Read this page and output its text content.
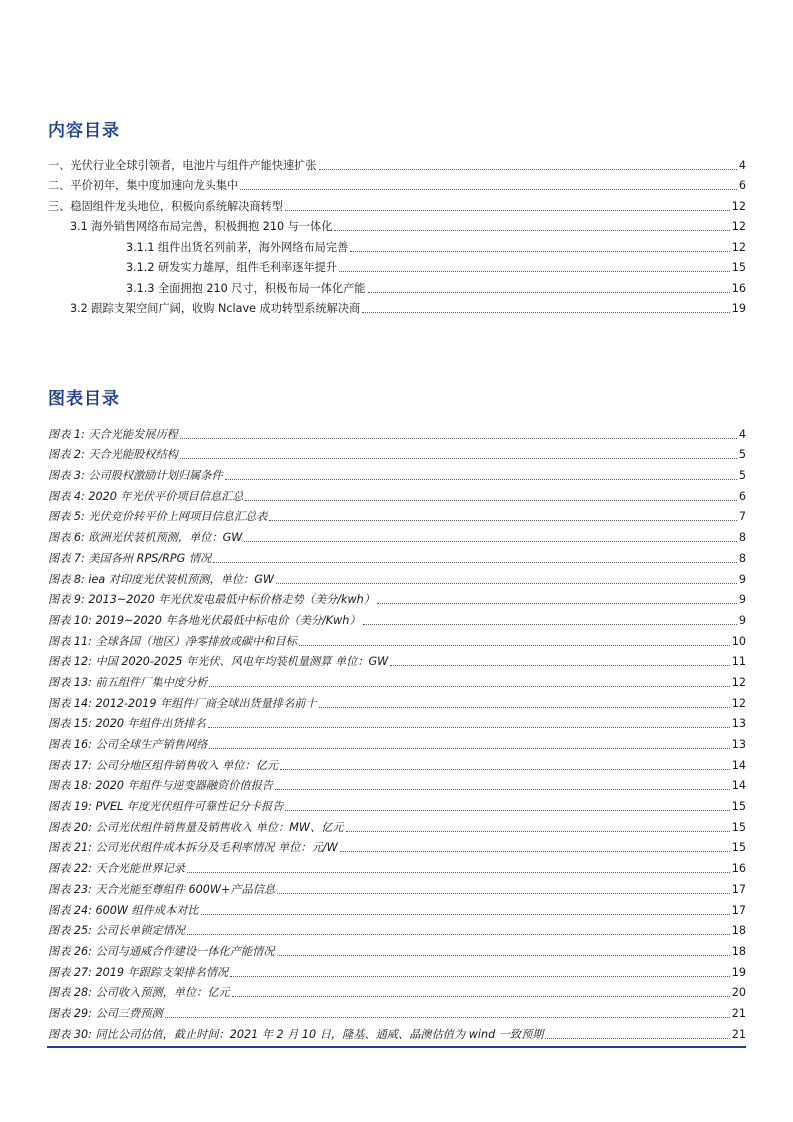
内容目录
一、光伏行业全球引领者，电池片与组件产能快速扩张	4
二、平价初年，集中度加速向龙头集中	6
三、稳固组件龙头地位，积极向系统解决商转型	12
3.1 海外销售网络布局完善，积极拥抱 210 与一体化	12
3.1.1 组件出货名列前茅，海外网络布局完善	12
3.1.2 研发实力雄厚，组件毛利率逐年提升	15
3.1.3 全面拥抱 210 尺寸，积极布局一体化产能	16
3.2 跟踪支架空间广阔，收购 Nclave 成功转型系统解决商	19
图表目录
图表 1: 天合光能发展历程	4
图表 2: 天合光能股权结构	5
图表 3: 公司股权激励计划归属条件	5
图表 4: 2020 年光伏平价项目信息汇总	6
图表 5: 光伏竞价转平价上网项目信息汇总表	7
图表 6: 欧洲光伏装机预测，单位：GW	8
图表 7: 美国各州 RPS/RPG 情况	8
图表 8: iea 对印度光伏装机预测，单位：GW	9
图表 9: 2013~2020 年光伏发电最低中标价格走势（美分/kwh）	9
图表 10: 2019~2020 年各地光伏最低中标电价（美分/Kwh）	9
图表 11: 全球各国（地区）净零排放或碳中和目标	10
图表 12: 中国 2020-2025 年光伏、风电年均装机量测算 单位：GW	11
图表 13: 前五组件厂集中度分析	12
图表 14: 2012-2019 年组件厂商全球出货量排名前十	12
图表 15: 2020 年组件出货排名	13
图表 16: 公司全球生产销售网络	13
图表 17: 公司分地区组件销售收入 单位：亿元	14
图表 18: 2020 年组件与逆变器融资价值报告	14
图表 19: PVEL 年度光伏组件可靠性记分卡报告	15
图表 20: 公司光伏组件销售量及销售收入 单位：MW、亿元	15
图表 21: 公司光伏组件成本拆分及毛利率情况 单位：元/W	15
图表 22: 天合光能世界记录	16
图表 23: 天合光能至尊组件 600W+产品信息	17
图表 24: 600W 组件成本对比	17
图表 25: 公司长单锁定情况	18
图表 26: 公司与通威合作建设一体化产能情况	18
图表 27: 2019 年跟踪支架排名情况	19
图表 28: 公司收入预测，单位：亿元	20
图表 29: 公司三费预测	21
图表 30: 同比公司估值，截止时间：2021 年 2 月 10 日，隆基、通威、晶澳估值为 wind 一致预期	21
